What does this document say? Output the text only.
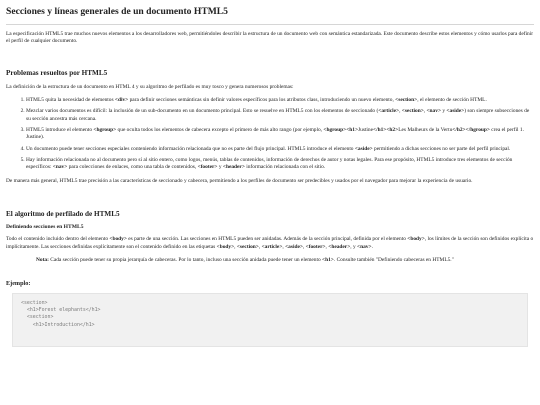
Secciones y líneas generales de un documento HTML5

La especificación HTML5 trae muchos nuevos elementos a los desarrolladores web, permitiéndoles describir la estructura de un documento web con semántica estandarizada. Este documento describe estos elementos y cómo usarlos para definir el perfil de cualquier documento.

Problemas resueltos por HTML5

La definición de la estructura de un documento en HTML 4 y su algoritmo de perfilado es muy tosco y genera numerosos problemas:

1. HTML5 quita la necesidad de elementos <div> para definir secciones semánticas sin definir valores específicos para los atributos class, introduciendo un nuevo elemento, <section>, el elemento de sección HTML.
2. Mezclar varios documentos es difícil: la inclusión de un sub-documento en un documento principal. Esto se resuelve en HTML5 con los elementos de seccionado (<article>, <section>, <nav> y <aside>) son siempre subsecciones de su sección ancestra más cercana.
3. HTML5 introduce el elemento <hgroup> que oculta todos los elementos de cabecera excepto el primero de más alto rango (por ejemplo, <hgroup><h1>Justine</h1><h2>Les Malheurs de la Vertu</h2></hgroup> crea el perfil 1. Justine).
4. Un documento puede tener secciones especiales conteniendo información relacionada que no es parte del flujo principal. HTML5 introduce el elemento <aside> permitiendo a dichas secciones no ser parte del perfil principal.
5. Hay información relacionada no al documento pero sí al sitio entero, como logos, menús, tablas de contenidos, información de derechos de autor y notas legales. Para ese propósito, HTML5 introduce tres elementos de sección específicos: <nav> para colecciones de enlaces, como una tabla de contenidos, <footer> y <header> información relacionada con el sitio.

De manera más general, HTML5 trae precisión a las características de seccionado y cabecera, permitiendo a los perfiles de documento ser predecibles y usados por el navegador para mejorar la experiencia de usuario.

El algoritmo de perfilado de HTML5
Definiendo secciones en HTML5

Todo el contenido incluido dentro del elemento <body> es parte de una sección. Las secciones en HTML5 pueden ser anidadas. Además de la sección principal, definida por el elemento <body>, los límites de la sección son definidos explícita o implícitamente. Las secciones definidas explícitamente son el contenido definido en las etiquetas <body>, <section>, <article>, <aside>, <footer>, <header>, y <nav>.

Nota: Cada sección puede tener su propia jerarquía de cabeceras. Por lo tanto, incluso una sección anidada puede tener un elemento <h1>. Consulte también "Definiendo cabeceras en HTML5."
Ejemplo:
<section>
<h1>Forest elephants</h1>
<section>
<h1>Introduction</h1>
